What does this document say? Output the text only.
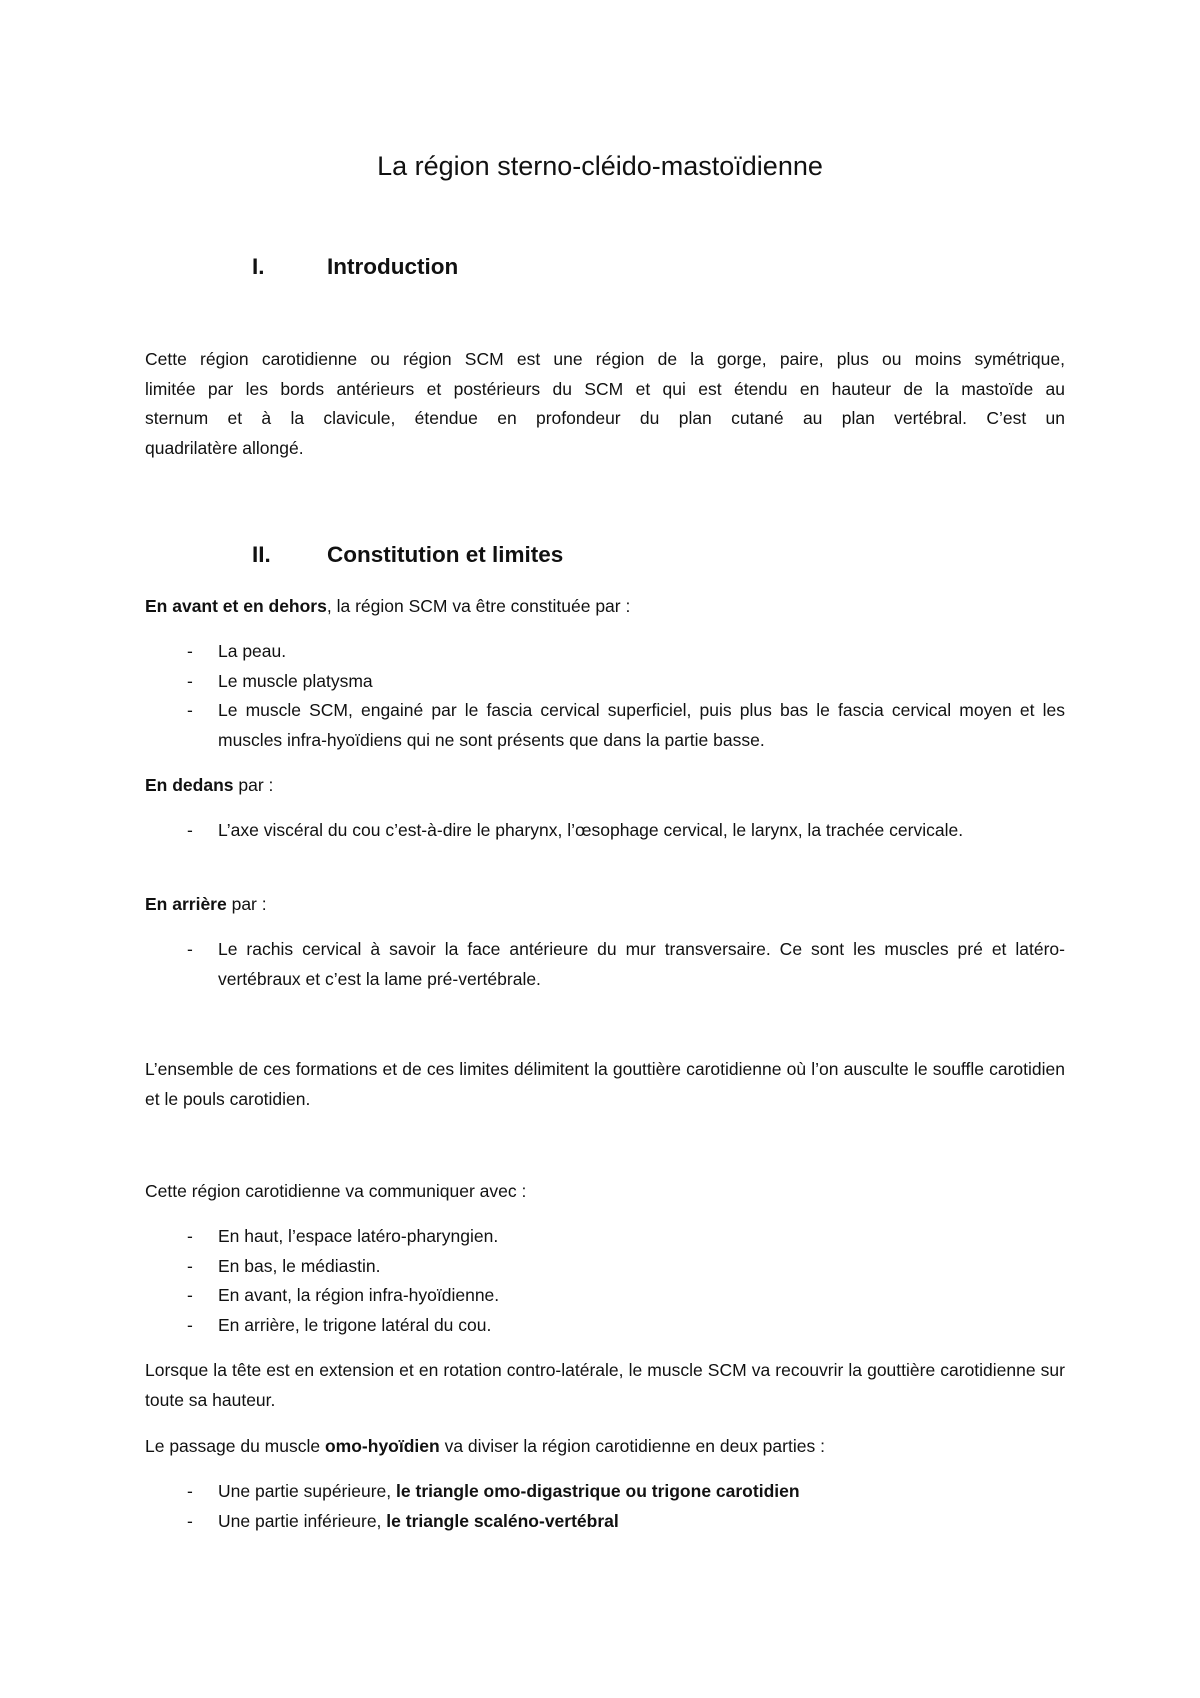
La région sterno-cléido-mastoïdienne
I.	Introduction
Cette région carotidienne ou région SCM est une région de la gorge, paire, plus ou moins symétrique,
limitée par les bords antérieurs et postérieurs du SCM et qui est étendu en hauteur de la mastoïde au
sternum et à la clavicule, étendue en profondeur du plan cutané au plan vertébral. C’est un
quadrilatère allongé.
II. Constitution et limites

En avant et en dehors, la région SCM va être constituée par :

- La peau.
- Le muscle platysma
- Le muscle SCM, engainé par le fascia cervical superficiel, puis plus bas le fascia cervical moyen et les muscles infra-hyoïdiens qui ne sont présents que dans la partie basse.

En dedans par :

- L’axe viscéral du cou c’est-à-dire le pharynx, l’œsophage cervical, le larynx, la trachée cervicale.

En arrière par :

- Le rachis cervical à savoir la face antérieure du mur transversaire. Ce sont les muscles pré et latéro-vertébraux et c’est la lame pré-vertébrale.

L’ensemble de ces formations et de ces limites délimitent la gouttière carotidienne où l’on ausculte le souffle carotidien et le pouls carotidien.

Cette région carotidienne va communiquer avec :

- En haut, l’espace latéro-pharyngien.
- En bas, le médiastin.
- En avant, la région infra-hyoïdienne.
- En arrière, le trigone latéral du cou.

Lorsque la tête est en extension et en rotation contro-latérale, le muscle SCM va recouvrir la gouttière carotidienne sur toute sa hauteur.

Le passage du muscle omo-hyoïdien va diviser la région carotidienne en deux parties :

- Une partie supérieure, le triangle omo-digastrique ou trigone carotidien
- Une partie inférieure, le triangle scaléno-vertébral
